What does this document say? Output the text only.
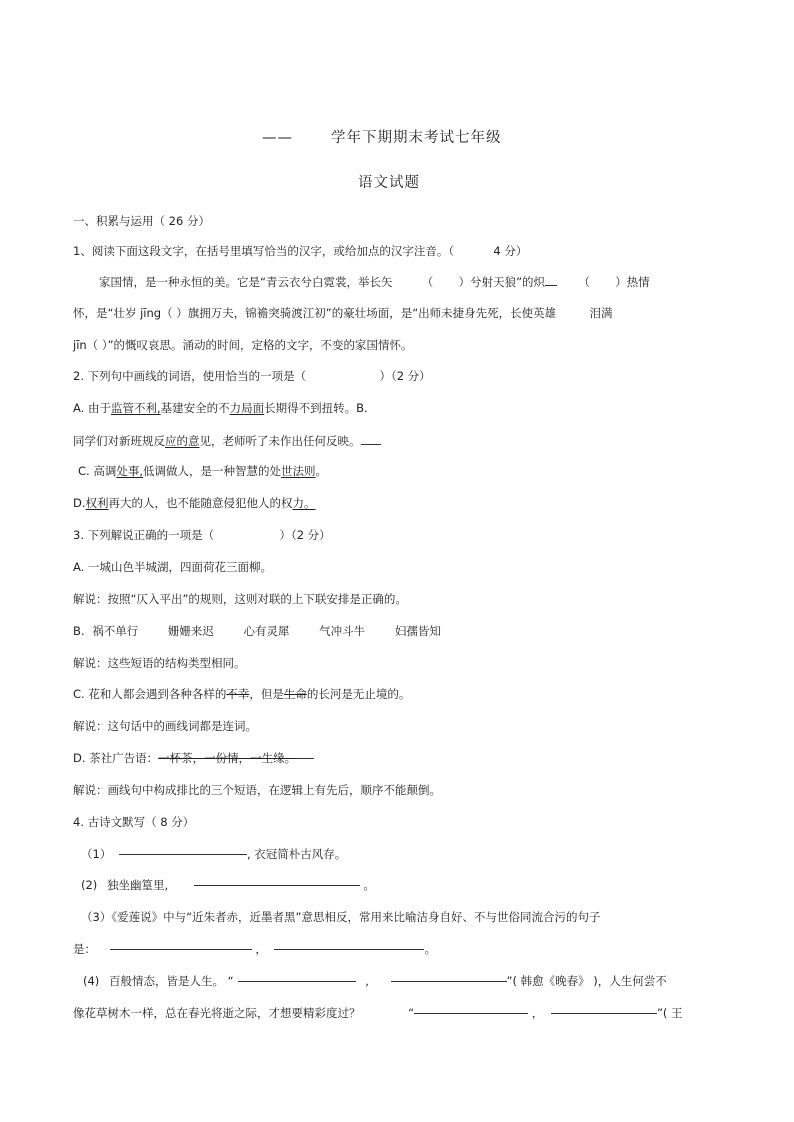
——	学年下期期末考试七年级
语文试题
一、积累与运用（ 26 分）
1、阅读下面这段文字，在括号里填写恰当的汉字，或给加点的汉字注音。（	4 分）
家国情，是一种永恒的美。它是“青云衣兮白霓裳，举长矢	（ ）兮射天狼”的炽	（ ）热情
怀，是“壮岁 jīng（ ）旗拥万夫，锦襜突骑渡江初”的豪壮场面，是“出师未捷身先死，长使英雄	泪满
jīn（ ）”的慨叹哀思。涌动的时间，定格的文字，不变的家国情怀。
2. 下列句中画线的词语，使用恰当的一项是（	）（2 分）
A. 由于监管不利,基建安全的不力局面长期得不到扭转。B.
同学们对新班规反应的意见，老师听了未作出任何反映。
C. 高调处事,低调做人，是一种智慧的处世法则。
D.权利再大的人，也不能随意侵犯他人的权力。
3. 下列解说正确的一项是（	）（2 分）
A. 一城山色半城湖，四面荷花三面柳。
解说：按照“仄入平出”的规则，这则对联的上下联安排是正确的。
B. 祸不单行	姗姗来迟	心有灵犀	气冲斗牛	妇孺皆知
解说：这些短语的结构类型相同。
C. 花和人都会遇到各种各样的不幸，但是生命的长河是无止境的。
解说：这句话中的画线词都是连词。
D. 茶社广告语：一杯茶，一份情，一生缘。
解说：画线句中构成排比的三个短语，在逻辑上有先后，顺序不能颠倒。
4. 古诗文默写（ 8 分）
（1）	, 衣冠简朴古风存。
(2) 独坐幽篁里,	。
（3）《爱莲说》中与“近朱者赤，近墨者黑”意思相反，常用来比喻洁身自好、不与世俗同流合污的句子
是：	，	。
(4) 百般情态，皆是人生。 “	,	”( 韩愈《晚春》 )，人生何尝不
像花草树木一样，总在春光将逝之际，才想要精彩度过？	“	，	”( 王
